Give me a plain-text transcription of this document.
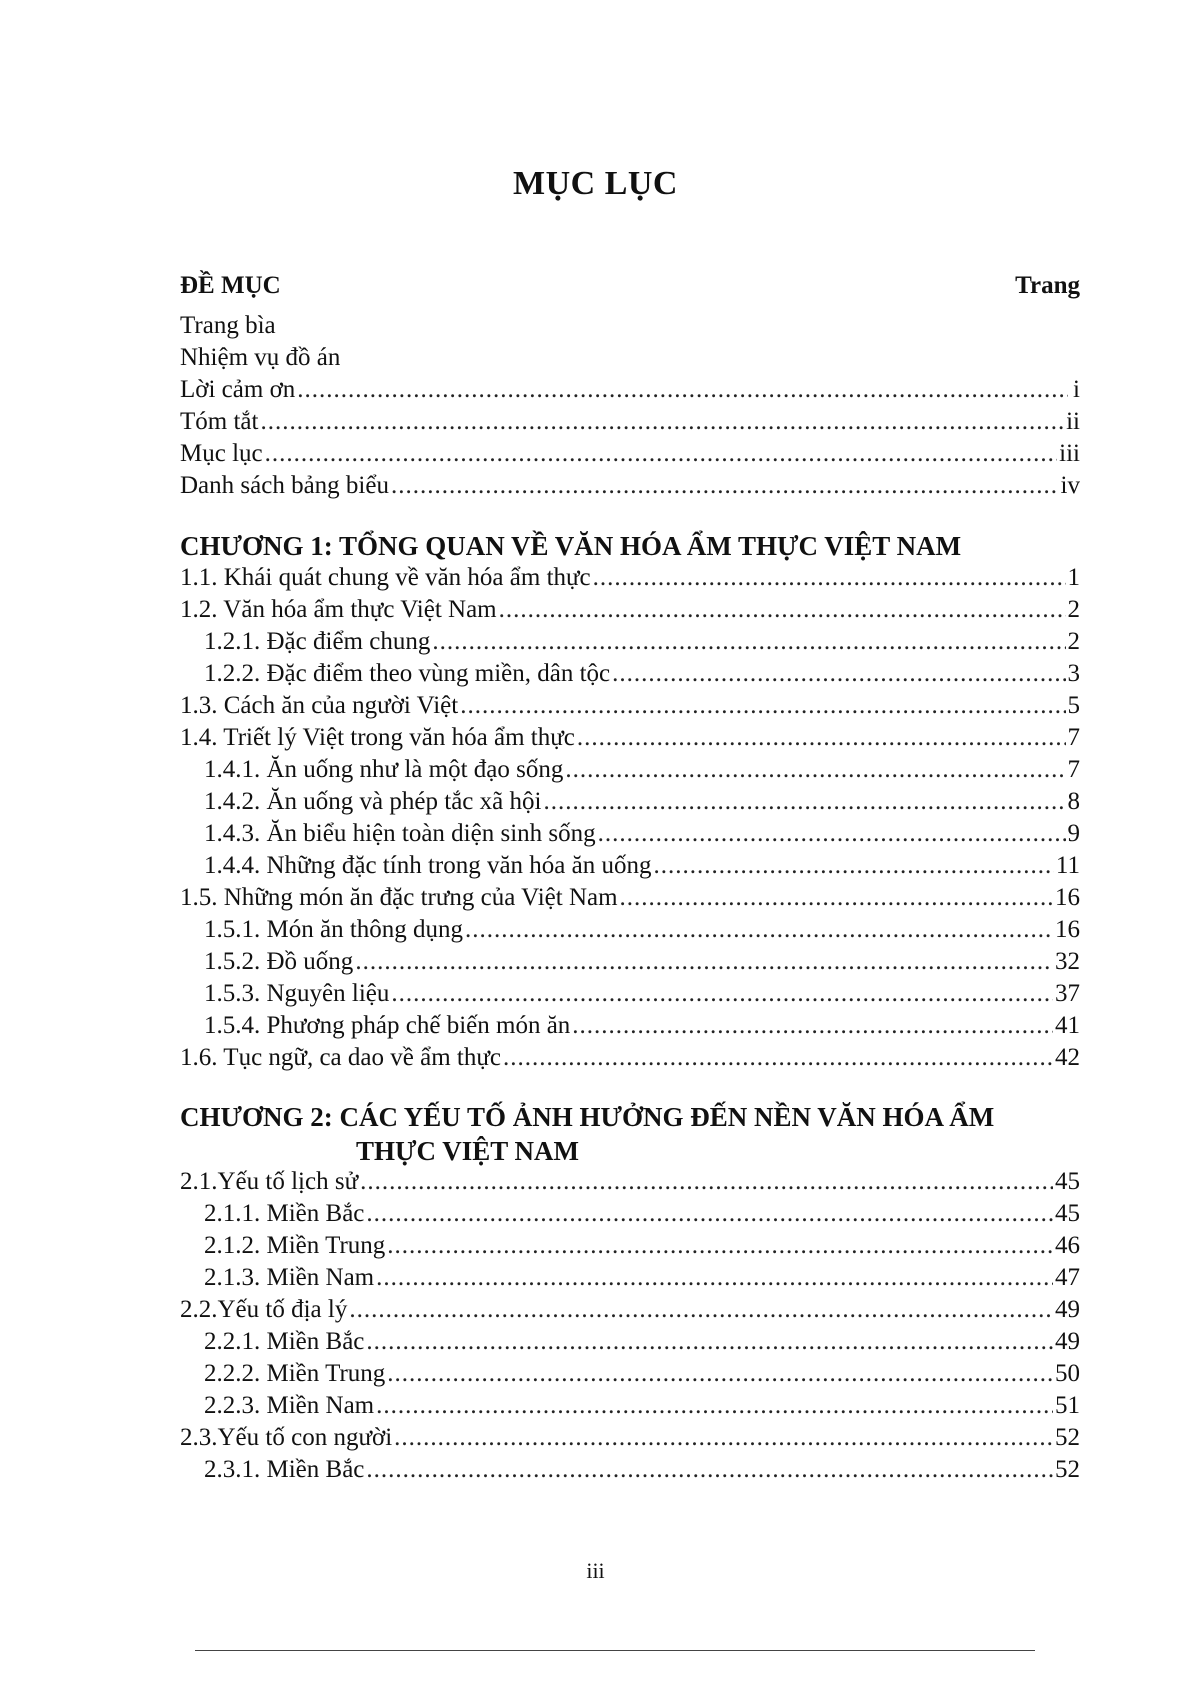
MỤC LỤC
ĐỀ MỤC	Trang
Trang bìa
Nhiệm vụ đồ án
Lời cảm ơn .....	i
Tóm tắt .....	ii
Mục lục .....	iii
Danh sách bảng biểu .....	iv
CHƯƠNG 1: TỔNG QUAN VỀ VĂN HÓA ẨM THỰC VIỆT NAM
1.1. Khái quát chung về văn hóa ẩm thực .....	1
1.2. Văn hóa ẩm thực Việt Nam .....	2
1.2.1. Đặc điểm chung .....	2
1.2.2. Đặc điểm theo vùng miền, dân tộc .....	3
1.3. Cách ăn của người Việt .....	5
1.4. Triết lý Việt trong văn hóa ẩm thực .....	7
1.4.1. Ăn uống như là một đạo sống .....	7
1.4.2. Ăn uống và phép tắc xã hội .....	8
1.4.3. Ăn biểu hiện toàn diện sinh sống .....	9
1.4.4. Những đặc tính trong văn hóa ăn uống .....	11
1.5. Những món ăn đặc trưng của Việt Nam .....	16
1.5.1. Món ăn thông dụng .....	16
1.5.2. Đồ uống .....	32
1.5.3. Nguyên liệu .....	37
1.5.4. Phương pháp chế biến món ăn .....	41
1.6. Tục ngữ, ca dao về ẩm thực .....	42
CHƯƠNG 2: CÁC YẾU TỐ ẢNH HƯỞNG ĐẾN NỀN VĂN HÓA ẨM
THỰC VIỆT NAM
2.1.Yếu tố lịch sử .....	45
2.1.1. Miền Bắc .....	45
2.1.2. Miền Trung .....	46
2.1.3. Miền Nam .....	47
2.2.Yếu tố địa lý .....	49
2.2.1. Miền Bắc .....	49
2.2.2. Miền Trung .....	50
2.2.3. Miền Nam .....	51
2.3.Yếu tố con người .....	52
2.3.1. Miền Bắc .....	52
iii
